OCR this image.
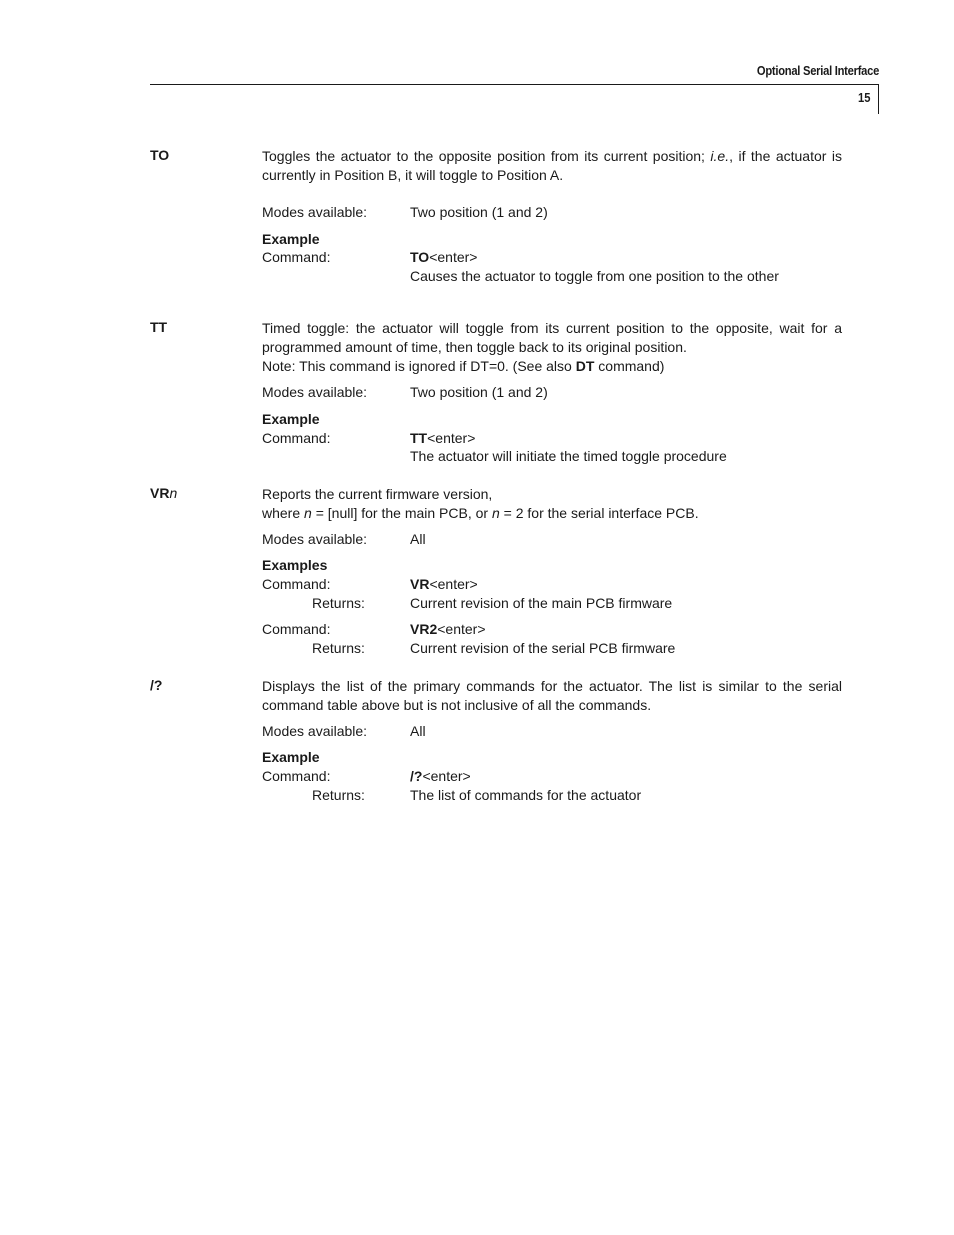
Optional Serial Interface
15
TO	Toggles the actuator to the opposite position from its current position; i.e., if the actuator is currently in Position B, it will toggle to Position A.
Modes available:	Two position (1 and 2)
Example
Command:	TO<enter>
Causes the actuator to toggle from one position to the other
TT	Timed toggle: the actuator will toggle from its current position to the opposite, wait for a programmed amount of time, then toggle back to its original position.
Note: This command is ignored if DT=0. (See also DT command)
Modes available:	Two position (1 and 2)
Example
Command:	TT<enter>
The actuator will initiate the timed toggle procedure
VRn	Reports the current firmware version,
where n = [null] for the main PCB, or n = 2 for the serial interface PCB.
Modes available:	All
Examples
Command:	VR<enter>
Returns:	Current revision of the main PCB firmware
Command:	VR2<enter>
Returns:	Current revision of the serial PCB firmware
/?	Displays the list of the primary commands for the actuator. The list is similar to the serial command table above but is not inclusive of all the commands.
Modes available:	All
Example
Command:	/?<enter>
Returns:	The list of commands for the actuator
